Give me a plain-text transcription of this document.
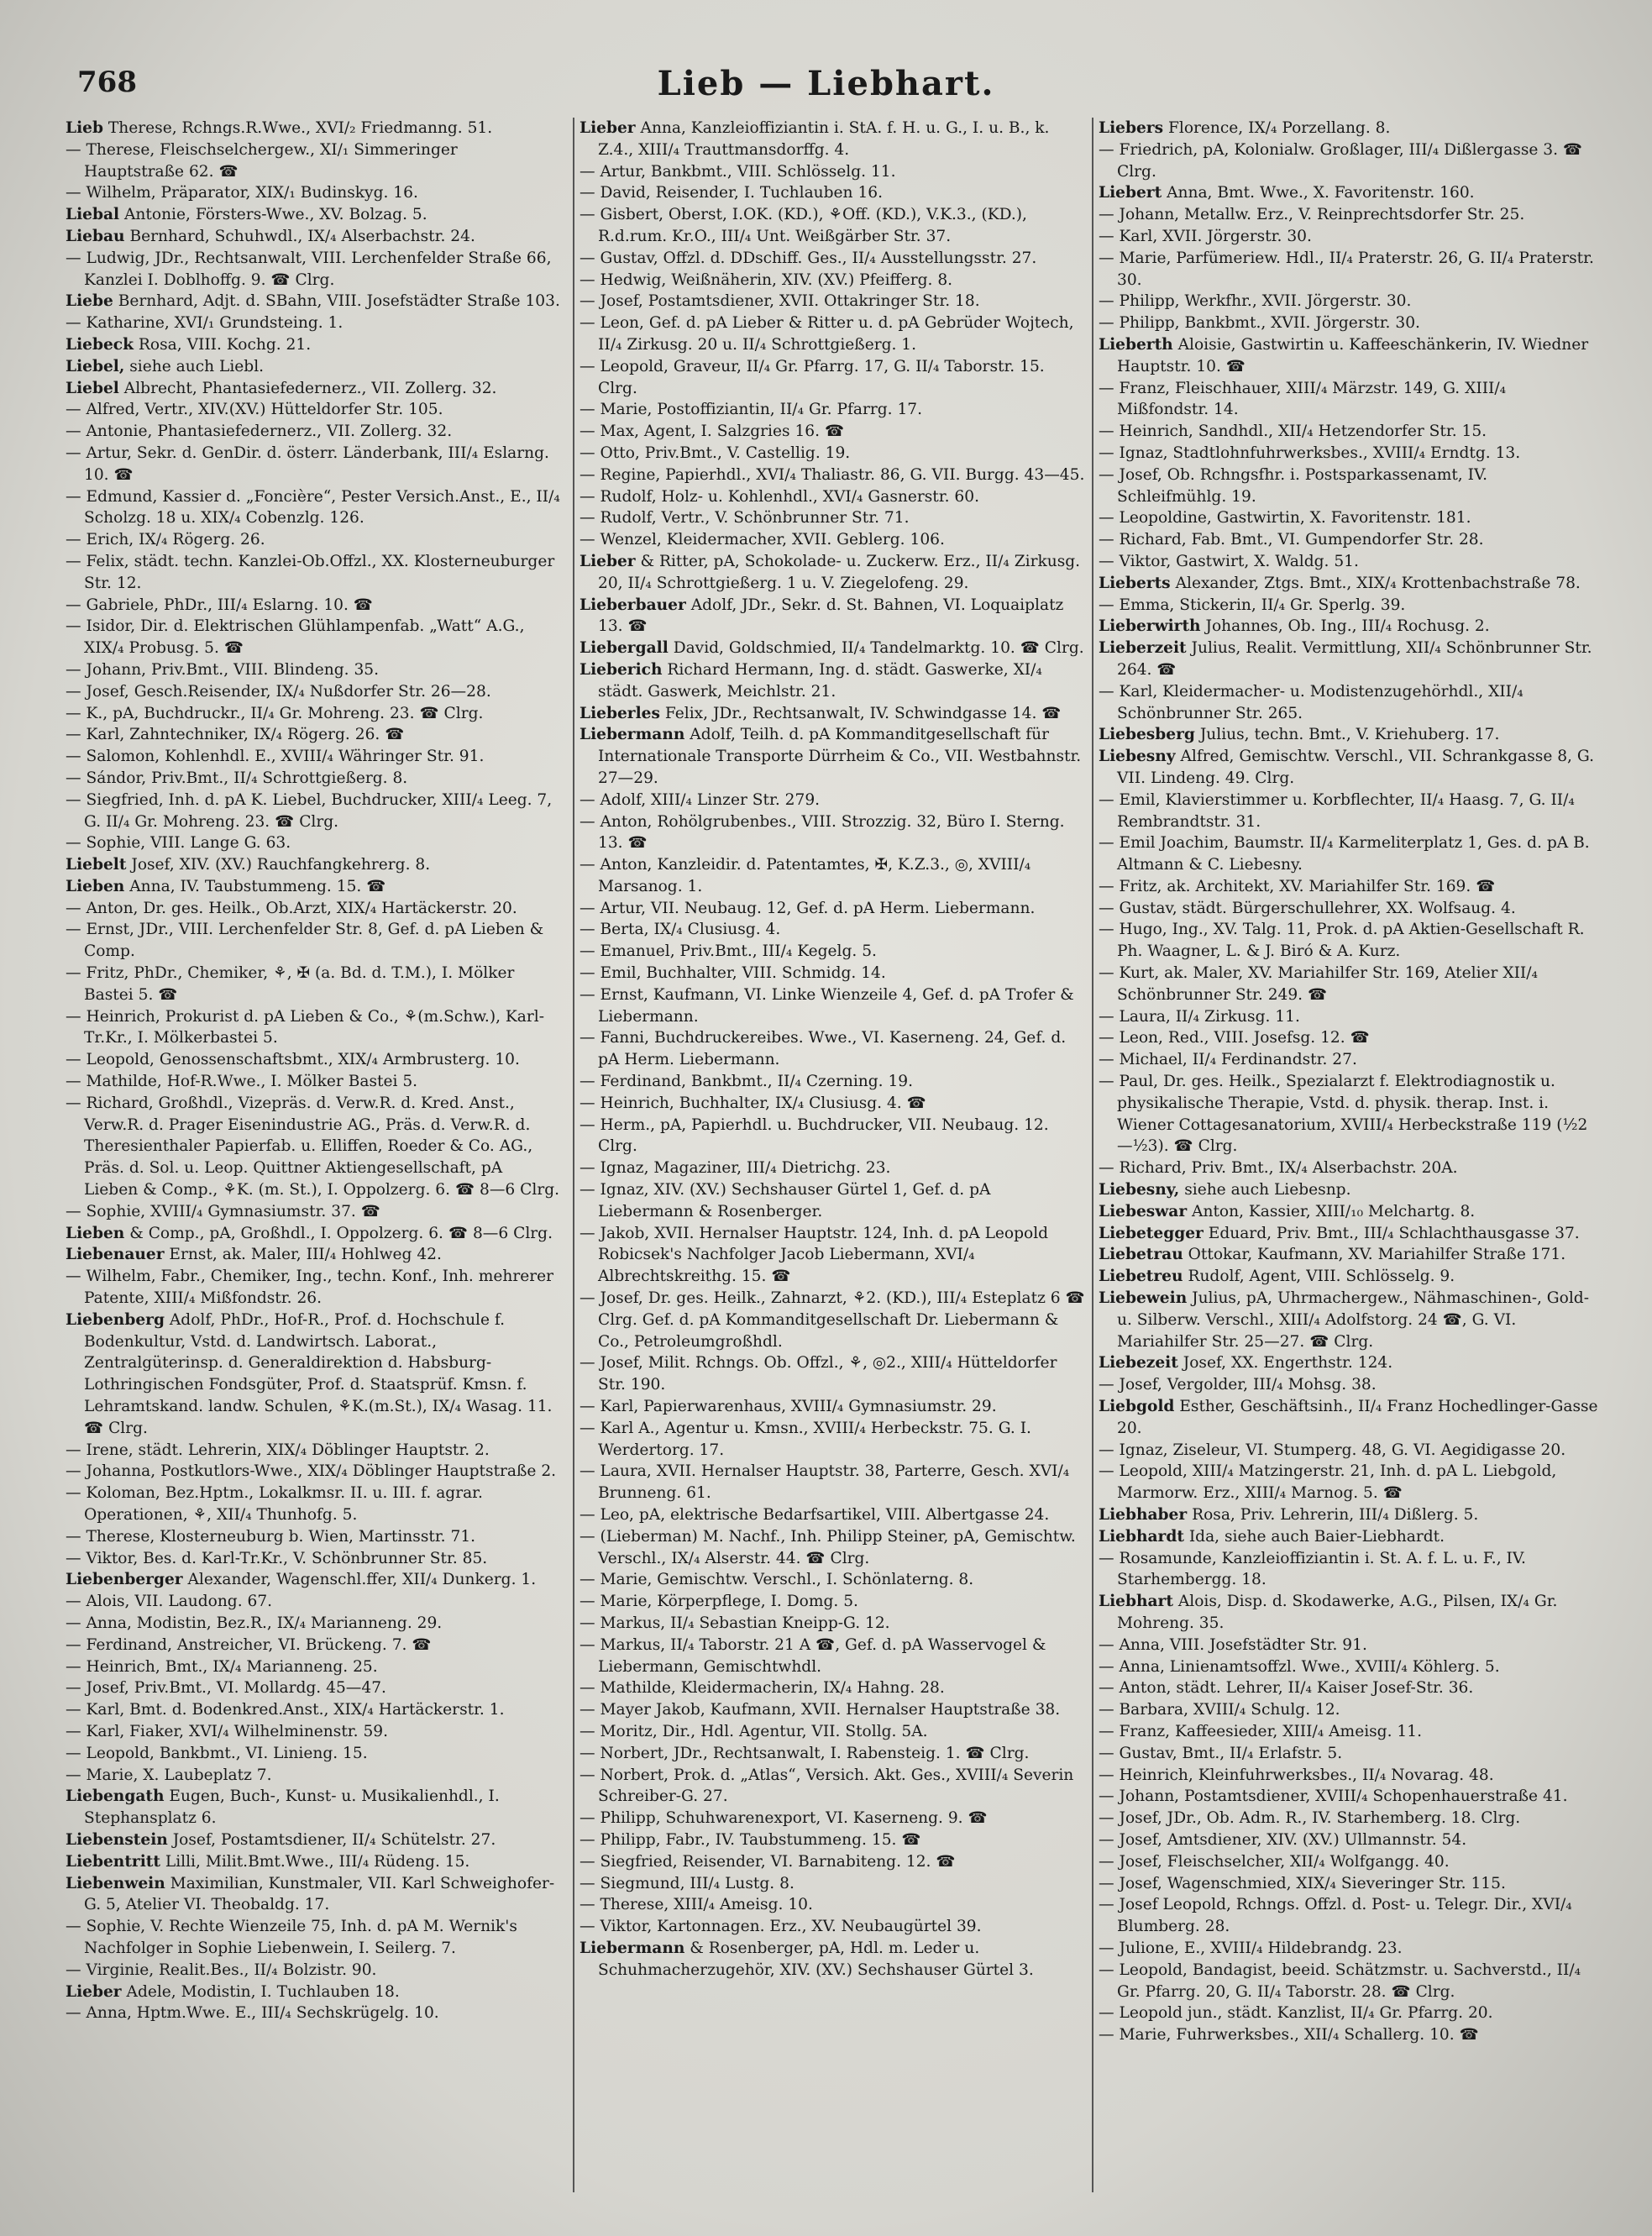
768	Lieb — Liebhart.
Lieb Therese, Rchngs.R.Wwe., XVI/₂ Friedmanng. 51.
— Therese, Fleischselchergew., XI/₁ Simmeringer Hauptstraße 62. ☎
— Wilhelm, Präparator, XIX/₁ Budinskyg. 16.
Liebal Antonie, Försters-Wwe., XV. Bolzag. 5.
Liebau Bernhard, Schuhwdl., IX/₄ Alserbachstr. 24.
— Ludwig, JDr., Rechtsanwalt, VIII. Lerchenfelder Straße 66, Kanzlei I. Doblhoffg. 9. ☎ Clrg.
Liebe Bernhard, Adjt. d. SBahn, VIII. Josefstädter Straße 103.
— Katharine, XVI/₁ Grundsteing. 1.
Liebeck Rosa, VIII. Kochg. 21.
Liebel, siehe auch Liebl.
Liebel Albrecht, Phantasiefedernerz., VII. Zollerg. 32.
— Alfred, Vertr., XIV.(XV.) Hütteldorfer Str. 105.
— Antonie, Phantasiefedernerz., VII. Zollerg. 32.
— Artur, Sekr. d. GenDir. d. österr. Länderbank, III/₄ Eslarng. 10. ☎
— Edmund, Kassier d. „Foncière“, Pester Versich.Anst., E., II/₄ Scholzg. 18 u. XIX/₄ Cobenzlg. 126.
— Erich, IX/₄ Rögerg. 26.
— Felix, städt. techn. Kanzlei-Ob.Offzl., XX. Klosterneuburger Str. 12.
— Gabriele, PhDr., III/₄ Eslarng. 10. ☎
— Isidor, Dir. d. Elektrischen Glühlampenfab. „Watt“ A.G., XIX/₄ Probusg. 5. ☎
— Johann, Priv.Bmt., VIII. Blindeng. 35.
— Josef, Gesch.Reisender, IX/₄ Nußdorfer Str. 26—28.
— K., pA, Buchdruckr., II/₄ Gr. Mohreng. 23. ☎ Clrg.
— Karl, Zahntechniker, IX/₄ Rögerg. 26. ☎
— Salomon, Kohlenhdl. E., XVIII/₄ Währinger Str. 91.
— Sándor, Priv.Bmt., II/₄ Schrottgießerg. 8.
— Siegfried, Inh. d. pA K. Liebel, Buchdrucker, XIII/₄ Leeg. 7, G. II/₄ Gr. Mohreng. 23. ☎ Clrg.
— Sophie, VIII. Lange G. 63.
Liebelt Josef, XIV. (XV.) Rauchfangkehrerg. 8.
Lieben Anna, IV. Taubstummeng. 15. ☎
— Anton, Dr. ges. Heilk., Ob.Arzt, XIX/₄ Hartäckerstr. 20.
— Ernst, JDr., VIII. Lerchenfelder Str. 8, Gef. d. pA Lieben & Comp.
— Fritz, PhDr., Chemiker, ⚘, ✠ (a. Bd. d. T.M.), I. Mölker Bastei 5. ☎
— Heinrich, Prokurist d. pA Lieben & Co., ⚘(m.Schw.), Karl-Tr.Kr., I. Mölkerbastei 5.
— Leopold, Genossenschaftsbmt., XIX/₄ Armbrusterg. 10.
— Mathilde, Hof-R.Wwe., I. Mölker Bastei 5.
— Richard, Großhdl., Vizepräs. d. Verw.R. d. Kred. Anst., Verw.R. d. Prager Eisenindustrie AG., Präs. d. Verw.R. d. Theresienthaler Papierfab. u. Elliffen, Roeder & Co. AG., Präs. d. Sol. u. Leop. Quittner Aktiengesellschaft, pA Lieben & Comp., ⚘K. (m. St.), I. Oppolzerg. 6. ☎ 8—6 Clrg.
— Sophie, XVIII/₄ Gymnasiumstr. 37. ☎
Lieben & Comp., pA, Großhdl., I. Oppolzerg. 6. ☎ 8—6 Clrg.
Liebenauer Ernst, ak. Maler, III/₄ Hohlweg 42.
— Wilhelm, Fabr., Chemiker, Ing., techn. Konf., Inh. mehrerer Patente, XIII/₄ Mißfondstr. 26.
Liebenberg Adolf, PhDr., Hof-R., Prof. d. Hochschule f. Bodenkultur, Vstd. d. Landwirtsch. Laborat., Zentralgüterinsp. d. Generaldirektion d. Habsburg-Lothringischen Fondsgüter, Prof. d. Staatsprüf. Kmsn. f. Lehramtskand. landw. Schulen, ⚘K.(m.St.), IX/₄ Wasag. 11. ☎ Clrg.
— Irene, städt. Lehrerin, XIX/₄ Döblinger Hauptstr. 2.
— Johanna, Postkutlors-Wwe., XIX/₄ Döblinger Hauptstraße 2.
— Koloman, Bez.Hptm., Lokalkmsr. II. u. III. f. agrar. Operationen, ⚘, XII/₄ Thunhofg. 5.
— Therese, Klosterneuburg b. Wien, Martinsstr. 71.
— Viktor, Bes. d. Karl-Tr.Kr., V. Schönbrunner Str. 85.
Liebenberger Alexander, Wagenschl.ffer, XII/₄ Dunkerg. 1.
— Alois, VII. Laudong. 67.
— Anna, Modistin, Bez.R., IX/₄ Marianneng. 29.
— Ferdinand, Anstreicher, VI. Brückeng. 7. ☎
— Heinrich, Bmt., IX/₄ Marianneng. 25.
— Josef, Priv.Bmt., VI. Mollardg. 45—47.
— Karl, Bmt. d. Bodenkred.Anst., XIX/₄ Hartäckerstr. 1.
— Karl, Fiaker, XVI/₄ Wilhelminenstr. 59.
— Leopold, Bankbmt., VI. Linieng. 15.
— Marie, X. Laubeplatz 7.
Liebengath Eugen, Buch-, Kunst- u. Musikalienhdl., I. Stephansplatz 6.
Liebenstein Josef, Postamtsdiener, II/₄ Schütelstr. 27.
Liebentritt Lilli, Milit.Bmt.Wwe., III/₄ Rüdeng. 15.
Liebenwein Maximilian, Kunstmaler, VII. Karl Schweighofer-G. 5, Atelier VI. Theobaldg. 17.
— Sophie, V. Rechte Wienzeile 75, Inh. d. pA M. Wernik's Nachfolger in Sophie Liebenwein, I. Seilerg. 7.
— Virginie, Realit.Bes., II/₄ Bolzistr. 90.
Lieber Adele, Modistin, I. Tuchlauben 18.
— Anna, Hptm.Wwe. E., III/₄ Sechskrügelg. 10.
Lieber Anna, Kanzleioffiziantin i. StA. f. H. u. G., I. u. B., k. Z.4., XIII/₄ Trauttmansdorffg. 4.
— Artur, Bankbmt., VIII. Schlösselg. 11.
— David, Reisender, I. Tuchlauben 16.
— Gisbert, Oberst, I.OK. (KD.), ⚘Off. (KD.), V.K.3., (KD.), R.d.rum. Kr.O., III/₄ Unt. Weißgärber Str. 37.
— Gustav, Offzl. d. DDschiff. Ges., II/₄ Ausstellungsstr. 27.
— Hedwig, Weißnäherin, XIV. (XV.) Pfeifferg. 8.
— Josef, Postamtsdiener, XVII. Ottakringer Str. 18.
— Leon, Gef. d. pA Lieber & Ritter u. d. pA Gebrüder Wojtech, II/₄ Zirkusg. 20 u. II/₄ Schrottgießerg. 1.
— Leopold, Graveur, II/₄ Gr. Pfarrg. 17, G. II/₄ Taborstr. 15. Clrg.
— Marie, Postoffiziantin, II/₄ Gr. Pfarrg. 17.
— Max, Agent, I. Salzgries 16. ☎
— Otto, Priv.Bmt., V. Castellig. 19.
— Regine, Papierhdl., XVI/₄ Thaliastr. 86, G. VII. Burgg. 43—45.
— Rudolf, Holz- u. Kohlenhdl., XVI/₄ Gasnerstr. 60.
— Rudolf, Vertr., V. Schönbrunner Str. 71.
— Wenzel, Kleidermacher, XVII. Geblerg. 106.
Lieber & Ritter, pA, Schokolade- u. Zuckerw. Erz., II/₄ Zirkusg. 20, II/₄ Schrottgießerg. 1 u. V. Ziegelofeng. 29.
Lieberbauer Adolf, JDr., Sekr. d. St. Bahnen, VI. Loquaiplatz 13. ☎
Liebergall David, Goldschmied, II/₄ Tandelmarktg. 10. ☎ Clrg.
Lieberich Richard Hermann, Ing. d. städt. Gaswerke, XI/₄ städt. Gaswerk, Meichlstr. 21.
Lieberles Felix, JDr., Rechtsanwalt, IV. Schwindgasse 14. ☎
Liebermann Adolf, Teilh. d. pA Kommanditgesellschaft für Internationale Transporte Dürrheim & Co., VII. Westbahnstr. 27—29.
— Adolf, XIII/₄ Linzer Str. 279.
— Anton, Rohölgrubenbes., VIII. Strozzig. 32, Büro I. Sterng. 13. ☎
— Anton, Kanzleidir. d. Patentamtes, ✠, K.Z.3., ◎, XVIII/₄ Marsanog. 1.
— Artur, VII. Neubaug. 12, Gef. d. pA Herm. Liebermann.
— Berta, IX/₄ Clusiusg. 4.
— Emanuel, Priv.Bmt., III/₄ Kegelg. 5.
— Emil, Buchhalter, VIII. Schmidg. 14.
— Ernst, Kaufmann, VI. Linke Wienzeile 4, Gef. d. pA Trofer & Liebermann.
— Fanni, Buchdruckereibes. Wwe., VI. Kaserneng. 24, Gef. d. pA Herm. Liebermann.
— Ferdinand, Bankbmt., II/₄ Czerning. 19.
— Heinrich, Buchhalter, IX/₄ Clusiusg. 4. ☎
— Herm., pA, Papierhdl. u. Buchdrucker, VII. Neubaug. 12. Clrg.
— Ignaz, Magaziner, III/₄ Dietrichg. 23.
— Ignaz, XIV. (XV.) Sechshauser Gürtel 1, Gef. d. pA Liebermann & Rosenberger.
— Jakob, XVII. Hernalser Hauptstr. 124, Inh. d. pA Leopold Robicsek's Nachfolger Jacob Liebermann, XVI/₄ Albrechtskreithg. 15. ☎
— Josef, Dr. ges. Heilk., Zahnarzt, ⚘2. (KD.), III/₄ Esteplatz 6 ☎ Clrg. Gef. d. pA Kommanditgesellschaft Dr. Liebermann & Co., Petroleumgroßhdl.
— Josef, Milit. Rchngs. Ob. Offzl., ⚘, ◎2., XIII/₄ Hütteldorfer Str. 190.
— Karl, Papierwarenhaus, XVIII/₄ Gymnasiumstr. 29.
— Karl A., Agentur u. Kmsn., XVIII/₄ Herbeckstr. 75. G. I. Werdertorg. 17.
— Laura, XVII. Hernalser Hauptstr. 38, Parterre, Gesch. XVI/₄ Brunneng. 61.
— Leo, pA, elektrische Bedarfsartikel, VIII. Albertgasse 24.
— (Lieberman) M. Nachf., Inh. Philipp Steiner, pA, Gemischtw. Verschl., IX/₄ Alserstr. 44. ☎ Clrg.
— Marie, Gemischtw. Verschl., I. Schönlaterng. 8.
— Marie, Körperpflege, I. Domg. 5.
— Markus, II/₄ Sebastian Kneipp-G. 12.
— Markus, II/₄ Taborstr. 21 A ☎, Gef. d. pA Wasservogel & Liebermann, Gemischtwhdl.
— Mathilde, Kleidermacherin, IX/₄ Hahng. 28.
— Mayer Jakob, Kaufmann, XVII. Hernalser Hauptstraße 38.
— Moritz, Dir., Hdl. Agentur, VII. Stollg. 5A.
— Norbert, JDr., Rechtsanwalt, I. Rabensteig. 1. ☎ Clrg.
— Norbert, Prok. d. „Atlas“, Versich. Akt. Ges., XVIII/₄ Severin Schreiber-G. 27.
— Philipp, Schuhwarenexport, VI. Kaserneng. 9. ☎
— Philipp, Fabr., IV. Taubstummeng. 15. ☎
— Siegfried, Reisender, VI. Barnabiteng. 12. ☎
— Siegmund, III/₄ Lustg. 8.
— Therese, XIII/₄ Ameisg. 10.
— Viktor, Kartonnagen. Erz., XV. Neubaugürtel 39.
Liebermann & Rosenberger, pA, Hdl. m. Leder u. Schuhmacherzugehör, XIV. (XV.) Sechshauser Gürtel 3.
Liebers Florence, IX/₄ Porzellang. 8.
— Friedrich, pA, Kolonialw. Großlager, III/₄ Dißlergasse 3. ☎ Clrg.
Liebert Anna, Bmt. Wwe., X. Favoritenstr. 160.
— Johann, Metallw. Erz., V. Reinprechtsdorfer Str. 25.
— Karl, XVII. Jörgerstr. 30.
— Marie, Parfümeriew. Hdl., II/₄ Praterstr. 26, G. II/₄ Praterstr. 30.
— Philipp, Werkfhr., XVII. Jörgerstr. 30.
— Philipp, Bankbmt., XVII. Jörgerstr. 30.
Lieberth Aloisie, Gastwirtin u. Kaffeeschänkerin, IV. Wiedner Hauptstr. 10. ☎
— Franz, Fleischhauer, XIII/₄ Märzstr. 149, G. XIII/₄ Mißfondstr. 14.
— Heinrich, Sandhdl., XII/₄ Hetzendorfer Str. 15.
— Ignaz, Stadtlohnfuhrwerksbes., XVIII/₄ Erndtg. 13.
— Josef, Ob. Rchngsfhr. i. Postsparkassenamt, IV. Schleifmühlg. 19.
— Leopoldine, Gastwirtin, X. Favoritenstr. 181.
— Richard, Fab. Bmt., VI. Gumpendorfer Str. 28.
— Viktor, Gastwirt, X. Waldg. 51.
Lieberts Alexander, Ztgs. Bmt., XIX/₄ Krottenbachstraße 78.
— Emma, Stickerin, II/₄ Gr. Sperlg. 39.
Lieberwirth Johannes, Ob. Ing., III/₄ Rochusg. 2.
Lieberzeit Julius, Realit. Vermittlung, XII/₄ Schönbrunner Str. 264. ☎
— Karl, Kleidermacher- u. Modistenzugehörhdl., XII/₄ Schönbrunner Str. 265.
Liebesberg Julius, techn. Bmt., V. Kriehuberg. 17.
Liebesny Alfred, Gemischtw. Verschl., VII. Schrankgasse 8, G. VII. Lindeng. 49. Clrg.
— Emil, Klavierstimmer u. Korbflechter, II/₄ Haasg. 7, G. II/₄ Rembrandtstr. 31.
— Emil Joachim, Baumstr. II/₄ Karmeliterplatz 1, Ges. d. pA B. Altmann & C. Liebesny.
— Fritz, ak. Architekt, XV. Mariahilfer Str. 169. ☎
— Gustav, städt. Bürgerschullehrer, XX. Wolfsaug. 4.
— Hugo, Ing., XV. Talg. 11, Prok. d. pA Aktien-Gesellschaft R. Ph. Waagner, L. & J. Biró & A. Kurz.
— Kurt, ak. Maler, XV. Mariahilfer Str. 169, Atelier XII/₄ Schönbrunner Str. 249. ☎
— Laura, II/₄ Zirkusg. 11.
— Leon, Red., VIII. Josefsg. 12. ☎
— Michael, II/₄ Ferdinandstr. 27.
— Paul, Dr. ges. Heilk., Spezialarzt f. Elektrodiagnostik u. physikalische Therapie, Vstd. d. physik. therap. Inst. i. Wiener Cottagesanatorium, XVIII/₄ Herbeckstraße 119 (½2—½3). ☎ Clrg.
— Richard, Priv. Bmt., IX/₄ Alserbachstr. 20A.
Liebesny, siehe auch Liebesnp.
Liebeswar Anton, Kassier, XIII/₁₀ Melchartg. 8.
Liebetegger Eduard, Priv. Bmt., III/₄ Schlachthausgasse 37.
Liebetrau Ottokar, Kaufmann, XV. Mariahilfer Straße 171.
Liebetreu Rudolf, Agent, VIII. Schlösselg. 9.
Liebewein Julius, pA, Uhrmachergew., Nähmaschinen-, Gold- u. Silberw. Verschl., XIII/₄ Adolfstorg. 24 ☎, G. VI. Mariahilfer Str. 25—27. ☎ Clrg.
Liebezeit Josef, XX. Engerthstr. 124.
— Josef, Vergolder, III/₄ Mohsg. 38.
Liebgold Esther, Geschäftsinh., II/₄ Franz Hochedlinger-Gasse 20.
— Ignaz, Ziseleur, VI. Stumperg. 48, G. VI. Aegidigasse 20.
— Leopold, XIII/₄ Matzingerstr. 21, Inh. d. pA L. Liebgold, Marmorw. Erz., XIII/₄ Marnog. 5. ☎
Liebhaber Rosa, Priv. Lehrerin, III/₄ Dißlerg. 5.
Liebhardt Ida, siehe auch Baier-Liebhardt.
— Rosamunde, Kanzleioffiziantin i. St. A. f. L. u. F., IV. Starhembergg. 18.
Liebhart Alois, Disp. d. Skodawerke, A.G., Pilsen, IX/₄ Gr. Mohreng. 35.
— Anna, VIII. Josefstädter Str. 91.
— Anna, Linienamtsoffzl. Wwe., XVIII/₄ Köhlerg. 5.
— Anton, städt. Lehrer, II/₄ Kaiser Josef-Str. 36.
— Barbara, XVIII/₄ Schulg. 12.
— Franz, Kaffeesieder, XIII/₄ Ameisg. 11.
— Gustav, Bmt., II/₄ Erlafstr. 5.
— Heinrich, Kleinfuhrwerksbes., II/₄ Novarag. 48.
— Johann, Postamtsdiener, XVIII/₄ Schopenhauerstraße 41.
— Josef, JDr., Ob. Adm. R., IV. Starhemberg. 18. Clrg.
— Josef, Amtsdiener, XIV. (XV.) Ullmannstr. 54.
— Josef, Fleischselcher, XII/₄ Wolfgangg. 40.
— Josef, Wagenschmied, XIX/₄ Sieveringer Str. 115.
— Josef Leopold, Rchngs. Offzl. d. Post- u. Telegr. Dir., XVI/₄ Blumberg. 28.
— Julione, E., XVIII/₄ Hildebrandg. 23.
— Leopold, Bandagist, beeid. Schätzmstr. u. Sachverstd., II/₄ Gr. Pfarrg. 20, G. II/₄ Taborstr. 28. ☎ Clrg.
— Leopold jun., städt. Kanzlist, II/₄ Gr. Pfarrg. 20.
— Marie, Fuhrwerksbes., XII/₄ Schallerg. 10. ☎
